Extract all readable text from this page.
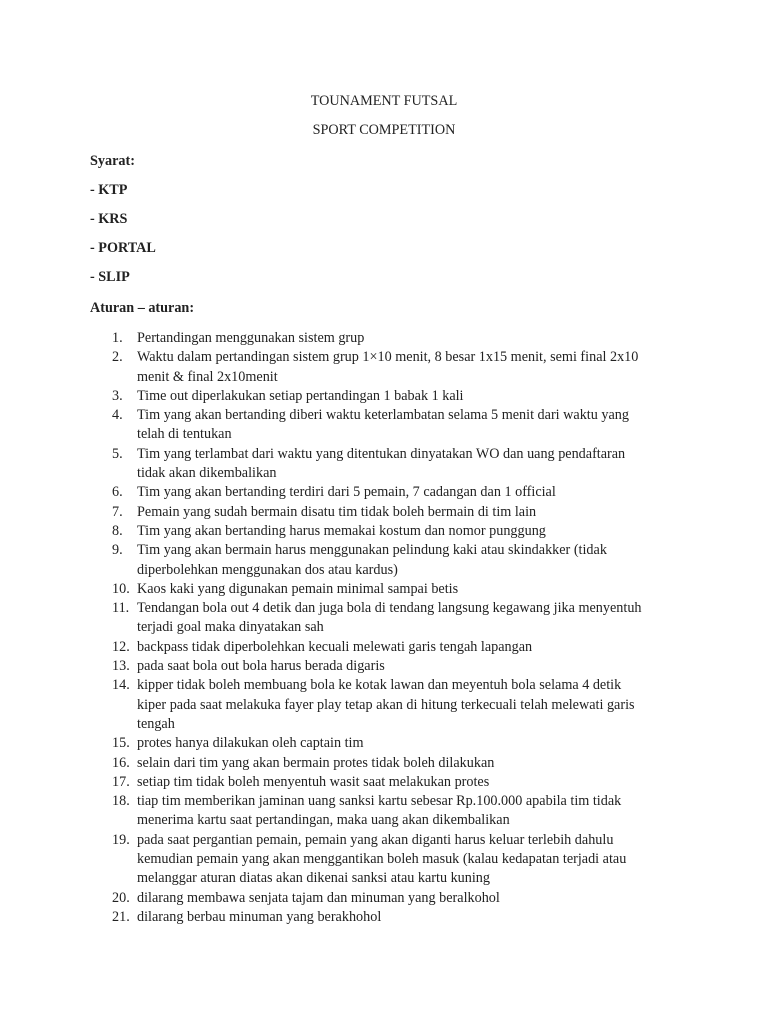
TOUNAMENT FUTSAL
SPORT COMPETITION
Syarat:
- KTP
- KRS
- PORTAL
- SLIP
Aturan – aturan:
1. Pertandingan menggunakan sistem grup
2. Waktu dalam pertandingan sistem grup 1×10 menit, 8 besar 1x15 menit, semi final 2x10
menit & final 2x10menit
3. Time out diperlakukan setiap pertandingan 1 babak 1 kali
4. Tim yang akan bertanding diberi waktu keterlambatan selama 5 menit dari waktu yang
telah di tentukan
5. Tim yang terlambat dari waktu yang ditentukan dinyatakan WO dan uang pendaftaran
tidak akan dikembalikan
6. Tim yang akan bertanding terdiri dari 5 pemain, 7 cadangan dan 1 official
7. Pemain yang sudah bermain disatu tim tidak boleh bermain di tim lain
8. Tim yang akan bertanding harus memakai kostum dan nomor punggung
9. Tim yang akan bermain harus menggunakan pelindung kaki atau skindakker (tidak
diperbolehkan menggunakan dos atau kardus)
10. Kaos kaki yang digunakan pemain minimal sampai betis
11. Tendangan bola out 4 detik dan juga bola di tendang langsung kegawang jika menyentuh
terjadi goal maka dinyatakan sah
12. backpass tidak diperbolehkan kecuali melewati garis tengah lapangan
13. pada saat bola out bola harus berada digaris
14. kipper tidak boleh membuang bola ke kotak lawan dan meyentuh bola selama 4 detik
kiper pada saat melakuka fayer play tetap akan di hitung terkecuali telah melewati garis
tengah
15. protes hanya dilakukan oleh captain tim
16. selain dari tim yang akan bermain protes tidak boleh dilakukan
17. setiap tim tidak boleh menyentuh wasit saat melakukan protes
18. tiap tim memberikan jaminan uang sanksi kartu sebesar Rp.100.000 apabila tim tidak
menerima kartu saat pertandingan, maka uang akan dikembalikan
19. pada saat pergantian pemain, pemain yang akan diganti harus keluar terlebih dahulu
kemudian pemain yang akan menggantikan boleh masuk (kalau kedapatan terjadi atau
melanggar aturan diatas akan dikenai sanksi atau kartu kuning
20. dilarang membawa senjata tajam dan minuman yang beralkohol
21. dilarang berbau minuman yang berakhohol
